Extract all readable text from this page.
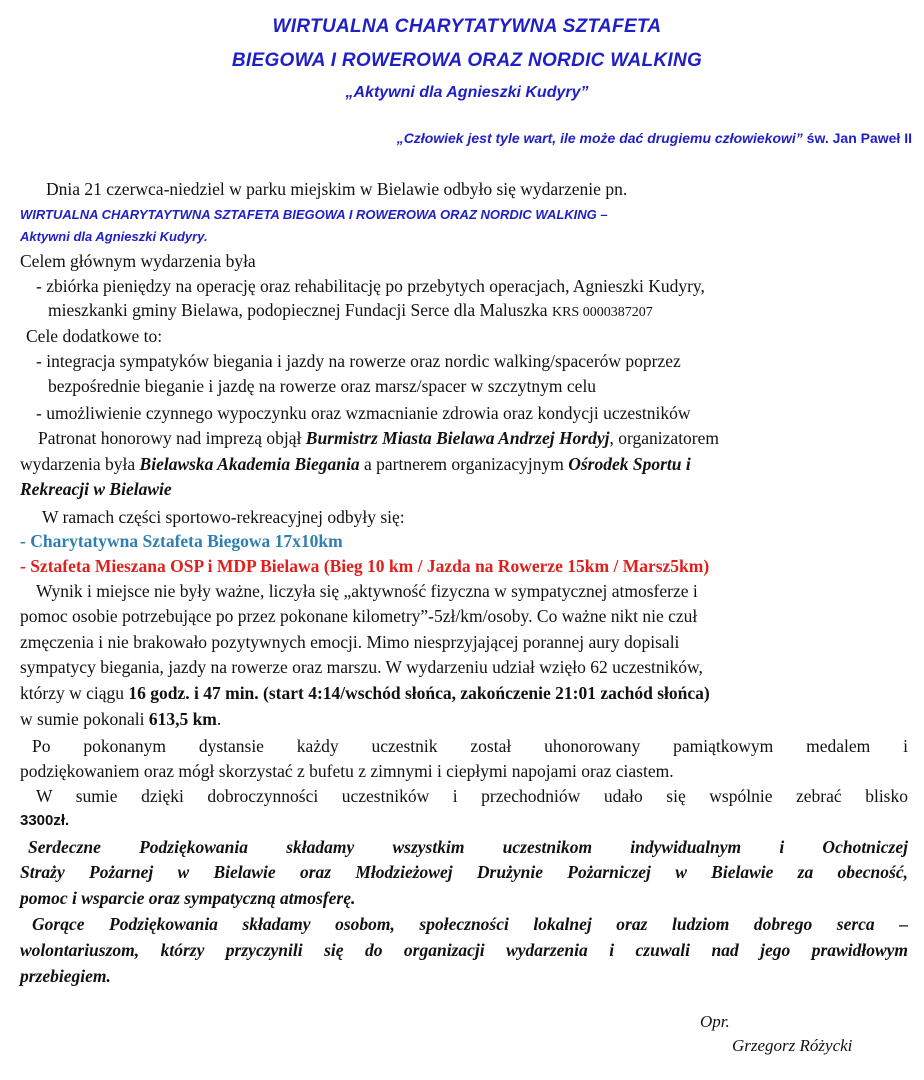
WIRTUALNA CHARYTATYWNA SZTAFETA
BIEGOWA I ROWEROWA ORAZ NORDIC WALKING
„Aktywni dla Agnieszki Kudyry”
„Człowiek jest tyle wart, ile może dać drugiemu człowiekowi” św. Jan Paweł II
Dnia 21 czerwca-niedziel w parku miejskim w Bielawie odbyło się wydarzenie pn.
WIRTUALNA CHARYTAYTWNA SZTAFETA BIEGOWA I ROWEROWA ORAZ NORDIC WALKING –
Aktywni dla Agnieszki Kudyry.
Celem głównym wydarzenia była
- zbiórka pieniędzy na operację oraz rehabilitację po przebytych operacjach, Agnieszki Kudyry,
mieszkanki gminy Bielawa, podopiecznej Fundacji Serce dla Maluszka KRS 0000387207
Cele dodatkowe to:
- integracja sympatyków biegania i jazdy na rowerze oraz nordic walking/spacerów poprzez
bezpośrednie bieganie i jazdę na rowerze oraz marsz/spacer w szczytnym celu
- umożliwienie czynnego wypoczynku oraz wzmacnianie zdrowia oraz kondycji uczestników
Patronat honorowy nad imprezą objął Burmistrz Miasta Bielawa Andrzej Hordyj, organizatorem
wydarzenia była Bielawska Akademia Biegania a partnerem organizacyjnym Ośrodek Sportu i
Rekreacji w Bielawie
W ramach części sportowo-rekreacyjnej odbyły się:
- Charytatywna Sztafeta Biegowa 17x10km
- Sztafeta Mieszana OSP i MDP Bielawa (Bieg 10 km / Jazda na Rowerze 15km / Marsz5km)
Wynik i miejsce nie były ważne, liczyła się „aktywność fizyczna w sympatycznej atmosferze i
pomoc osobie potrzebujące po przez pokonane kilometry”-5zł/km/osoby. Co ważne nikt nie czuł
zmęczenia i nie brakowało pozytywnych emocji. Mimo niesprzyjającej porannej aury dopisali
sympatycy biegania, jazdy na rowerze oraz marszu. W wydarzeniu udział wzięło 62 uczestników,
którzy w ciągu 16 godz. i 47 min. (start 4:14/wschód słońca, zakończenie 21:01 zachód słońca)
w sumie pokonali 613,5 km.
Po pokonanym dystansie każdy uczestnik został uhonorowany pamiątkowym medalem i
podziękowaniem oraz mógł skorzystać z bufetu z zimnymi i ciepłymi napojami oraz ciastem.
W sumie dzięki dobroczynności uczestników i przechodniów udało się wspólnie zebrać blisko
3300zł.
Serdeczne Podziękowania składamy wszystkim uczestnikom indywidualnym i Ochotniczej
Straży Pożarnej w Bielawie oraz Młodzieżowej Drużynie Pożarniczej w Bielawie za obecność,
pomoc i wsparcie oraz sympatyczną atmosferę.
Gorące Podziękowania składamy osobom, społeczności lokalnej oraz ludziom dobrego serca –
wolontariuszom, którzy przyczynili się do organizacji wydarzenia i czuwali nad jego prawidłowym
przebiegiem.
Opr.
Grzegorz Różycki
